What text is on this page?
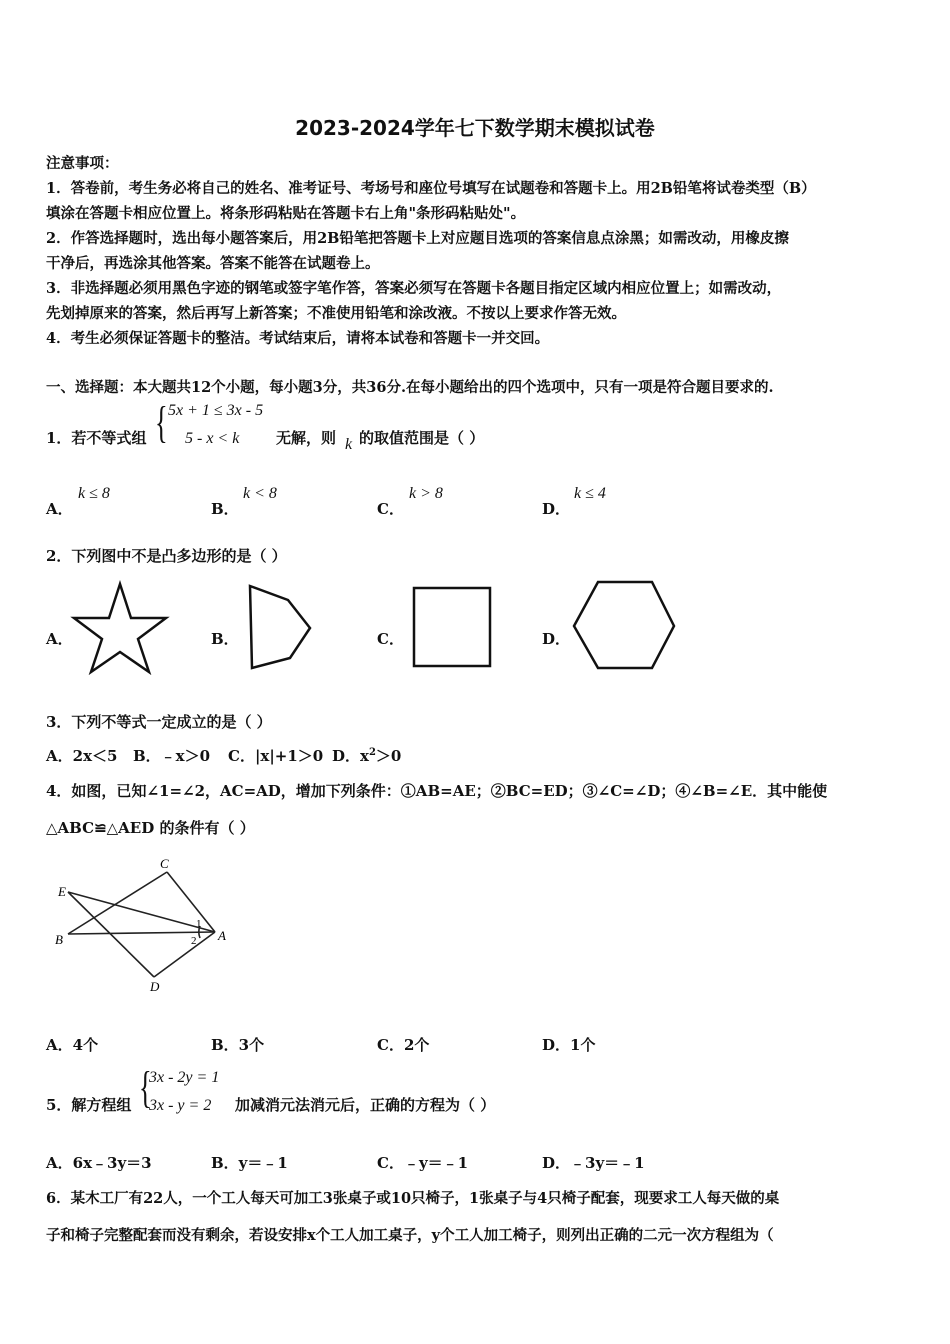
2023-2024学年七下数学期末模拟试卷
注意事项：
1．答卷前，考生务必将自己的姓名、准考证号、考场号和座位号填写在试题卷和答题卡上。用2B铅笔将试卷类型（B）
填涂在答题卡相应位置上。将条形码粘贴在答题卡右上角"条形码粘贴处"。
2．作答选择题时，选出每小题答案后，用2B铅笔把答题卡上对应题目选项的答案信息点涂黑；如需改动，用橡皮擦
干净后，再选涂其他答案。答案不能答在试题卷上。
3．非选择题必须用黑色字迹的钢笔或签字笔作答，答案必须写在答题卡各题目指定区域内相应位置上；如需改动，
先划掉原来的答案，然后再写上新答案；不准使用铅笔和涂改液。不按以上要求作答无效。
4．考生必须保证答题卡的整洁。考试结束后，请将本试卷和答题卡一并交回。
一、选择题：本大题共12个小题，每小题3分，共36分.在每小题给出的四个选项中，只有一项是符合题目要求的.
1．若不等式组 { 5x + 1 ≤ 3x - 5
5 - x < k 无解，则 k 的取值范围是（ ）
A．
k ≤ 8
B．
k < 8
C．
k > 8
D．
k ≤ 4
2．下列图中不是凸多边形的是（ ）
A．	B．	C．	D．
3．下列不等式一定成立的是（ ）
A．2x＜5 B．﹣x＞0 C．|x|+1＞0 D．$x^2>0$
4．如图，已知∠1=∠2，AC=AD，增加下列条件：①AB=AE；②BC=ED；③∠C=∠D；④∠B=∠E．其中能使
△ABC≌△AED 的条件有（ ）
C
E
B	A
D
1
2
A．4个	B．3个	C．2个	D．1个
5．解方程组 {
3x - 2y = 1
3x - y = 2 加减消元法消元后，正确的方程为（ ）
A．6x﹣3y＝3	B．y＝﹣1	C．﹣y＝﹣1	D．﹣3y＝﹣1
6．某木工厂有22人，一个工人每天可加工3张桌子或10只椅子，1张桌子与4只椅子配套，现要求工人每天做的桌
子和椅子完整配套而没有剩余，若设安排x个工人加工桌子，y个工人加工椅子，则列出正确的二元一次方程组为（
